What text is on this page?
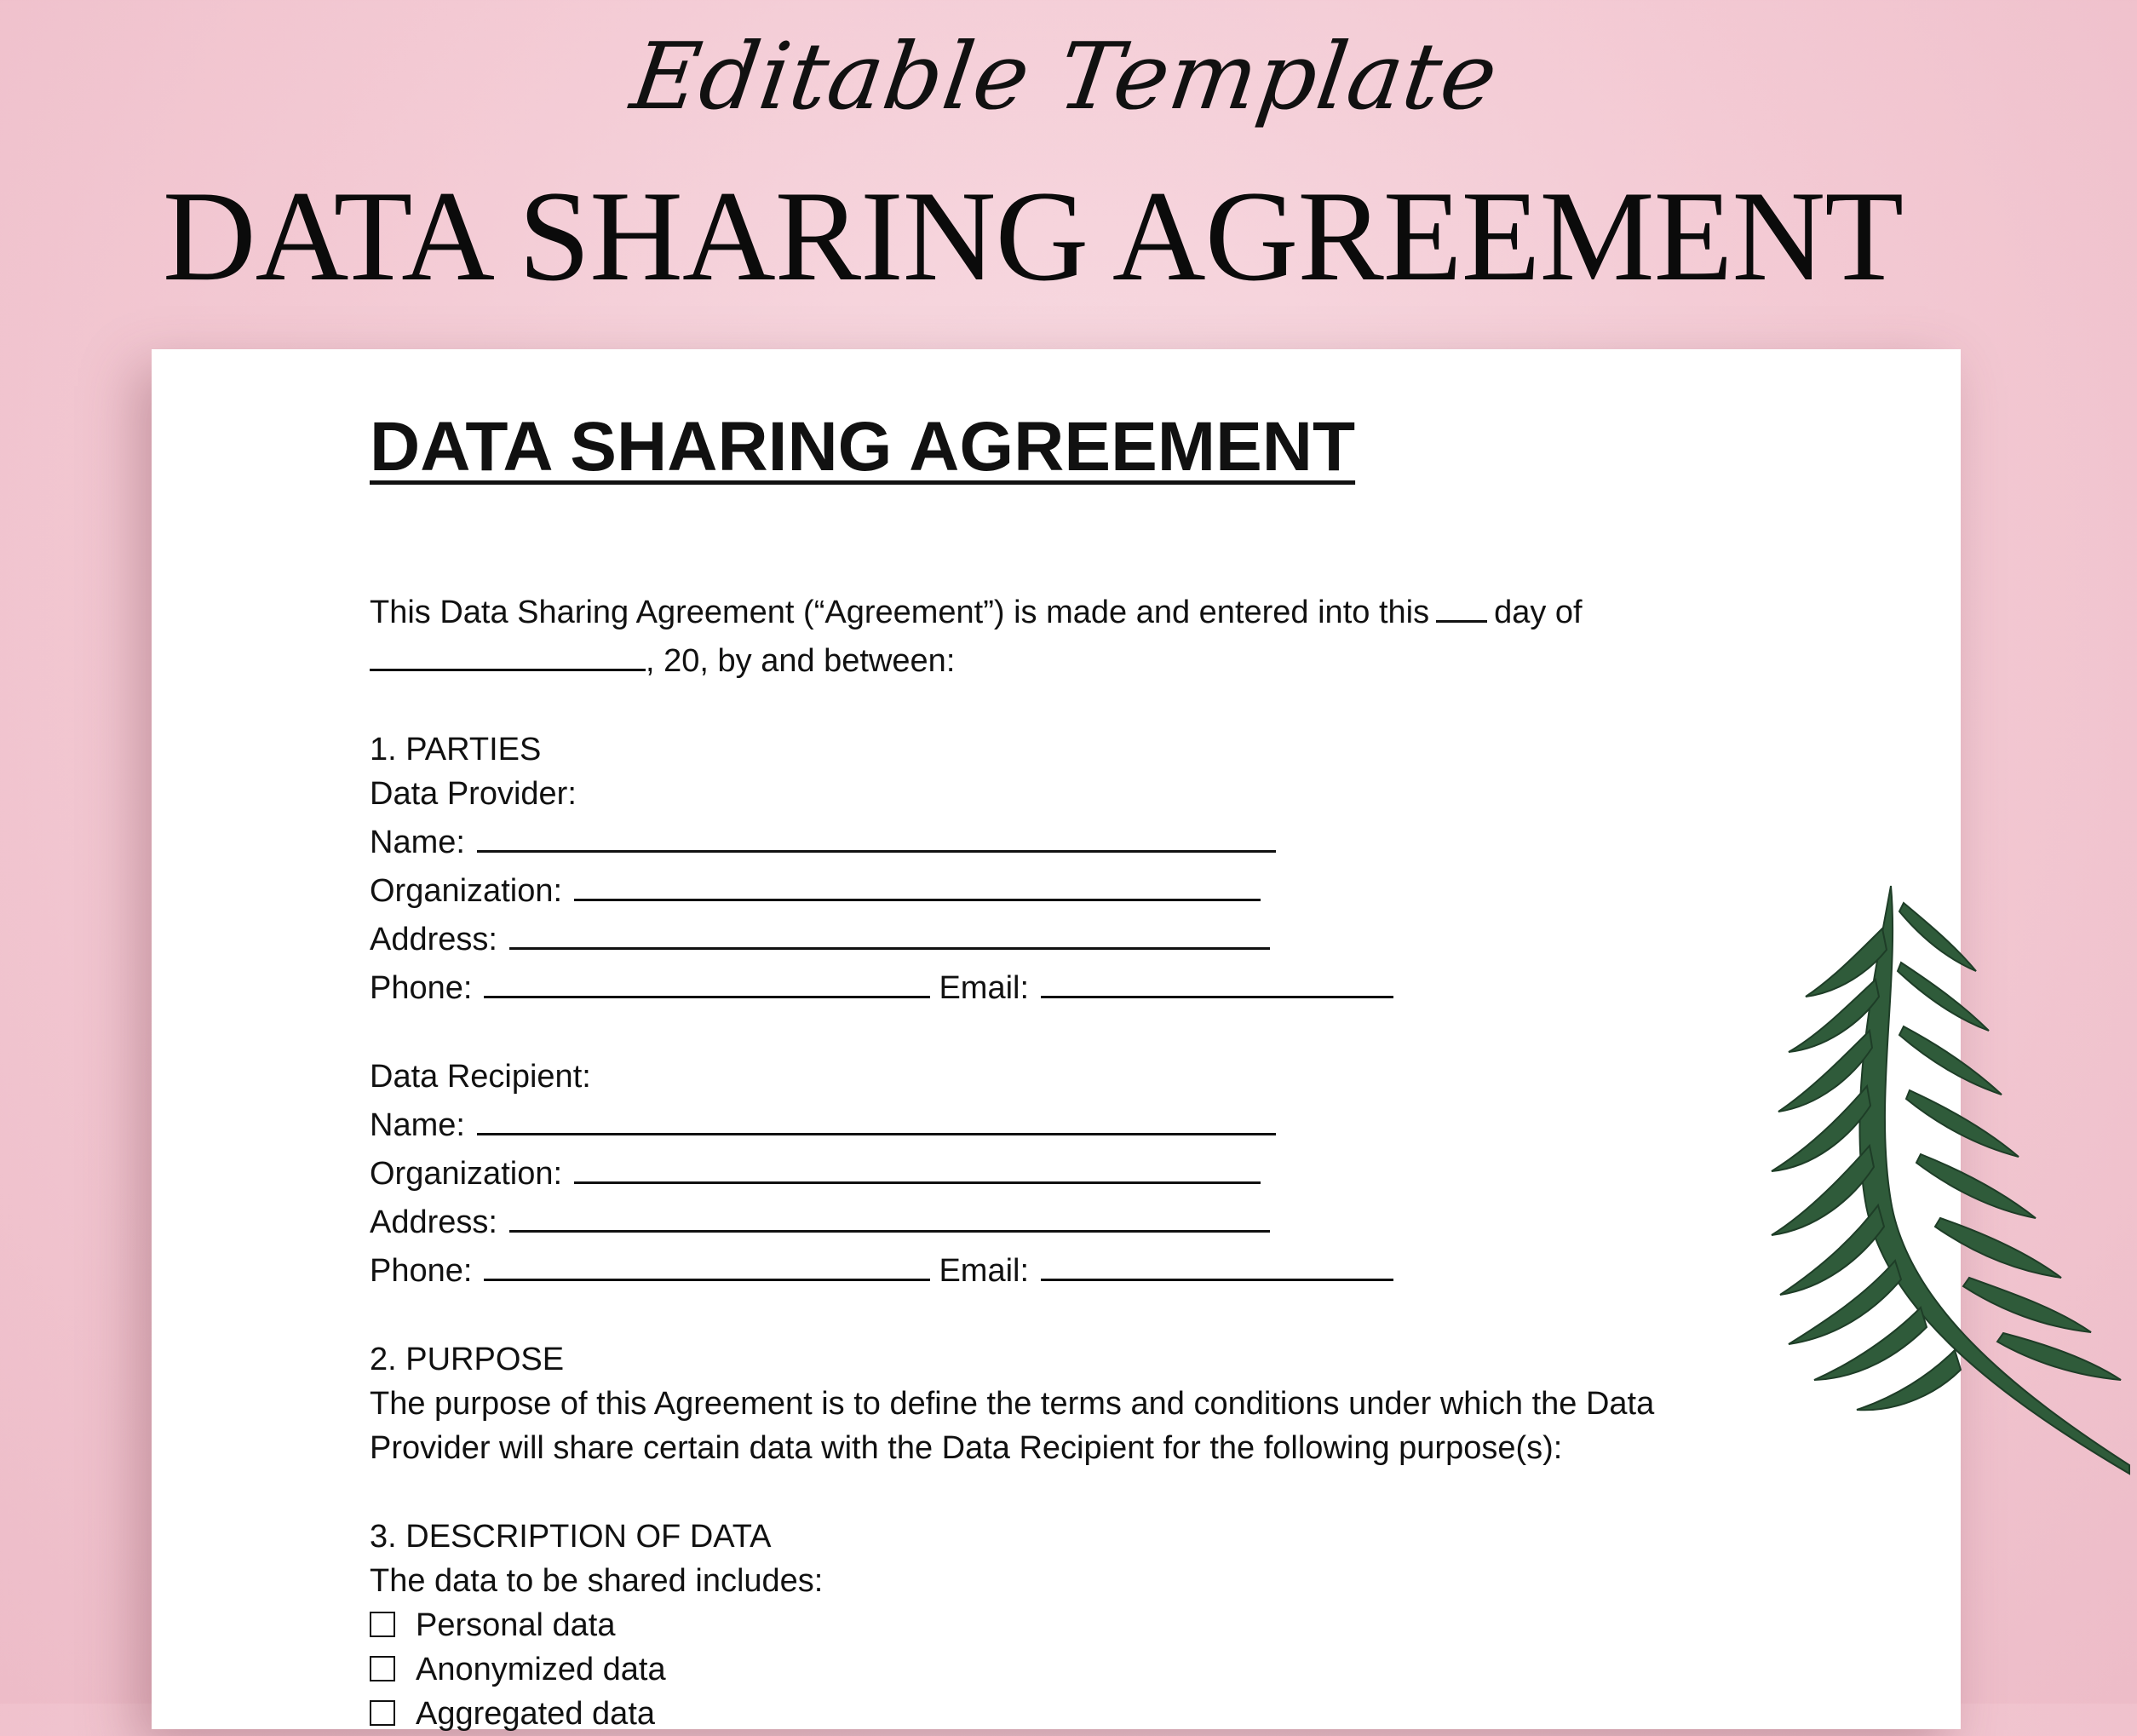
Editable Template
DATA SHARING AGREEMENT
DATA SHARING AGREEMENT
This Data Sharing Agreement (“Agreement”) is made and entered into this day of
, 20, by and between:
1. PARTIES
Data Provider:
Name:
Organization:
Address:
Phone:	Email:
Data Recipient:
Name:
Organization:
Address:
Phone:	Email:
2. PURPOSE
The purpose of this Agreement is to define the terms and conditions under which the Data
Provider will share certain data with the Data Recipient for the following purpose(s):
3. DESCRIPTION OF DATA
The data to be shared includes:
Personal data
Anonymized data
Aggregated data
